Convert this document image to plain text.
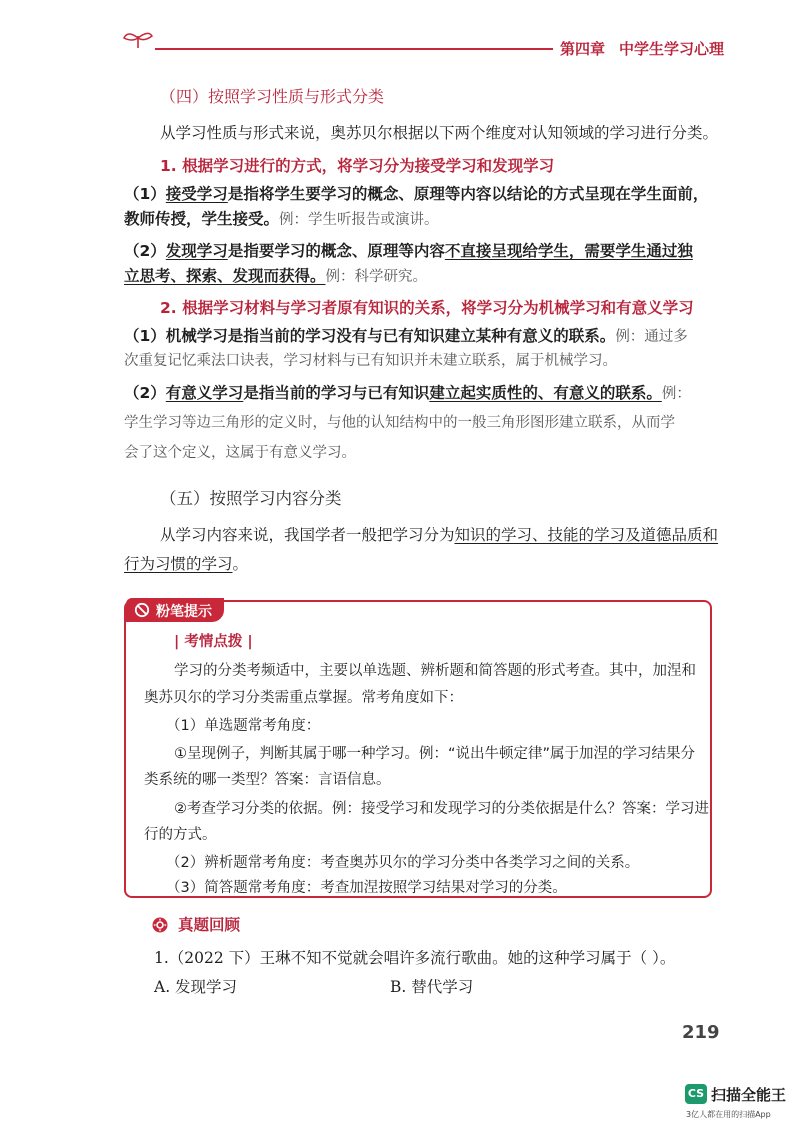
第四章 中学生学习心理
（四）按照学习性质与形式分类
从学习性质与形式来说，奥苏贝尔根据以下两个维度对认知领域的学习进行分类。
1. 根据学习进行的方式，将学习分为接受学习和发现学习
（1）接受学习是指将学生要学习的概念、原理等内容以结论的方式呈现在学生面前，
教师传授，学生接受。例：学生听报告或演讲。
（2）发现学习是指要学习的概念、原理等内容不直接呈现给学生，需要学生通过独
立思考、探索、发现而获得。例：科学研究。
2. 根据学习材料与学习者原有知识的关系，将学习分为机械学习和有意义学习
（1）机械学习是指当前的学习没有与已有知识建立某种有意义的联系。例：通过多
次重复记忆乘法口诀表，学习材料与已有知识并未建立联系，属于机械学习。
（2）有意义学习是指当前的学习与已有知识建立起实质性的、有意义的联系。例：
学生学习等边三角形的定义时，与他的认知结构中的一般三角形图形建立联系，从而学
会了这个定义，这属于有意义学习。
（五）按照学习内容分类
从学习内容来说，我国学者一般把学习分为知识的学习、技能的学习及道德品质和
行为习惯的学习。
粉笔提示
| 考情点拨 |
学习的分类考频适中，主要以单选题、辨析题和简答题的形式考查。其中，加涅和
奥苏贝尔的学习分类需重点掌握。常考角度如下：
（1）单选题常考角度：
①呈现例子，判断其属于哪一种学习。例：“说出牛顿定律”属于加涅的学习结果分
类系统的哪一类型？答案：言语信息。
②考查学习分类的依据。例：接受学习和发现学习的分类依据是什么？答案：学习进
行的方式。
（2）辨析题常考角度：考查奥苏贝尔的学习分类中各类学习之间的关系。
（3）简答题常考角度：考查加涅按照学习结果对学习的分类。
真题回顾
1.（2022 下）王琳不知不觉就会唱许多流行歌曲。她的这种学习属于（ ）。
A. 发现学习	B. 替代学习
219
CS 扫描全能王
3亿人都在用的扫描App
